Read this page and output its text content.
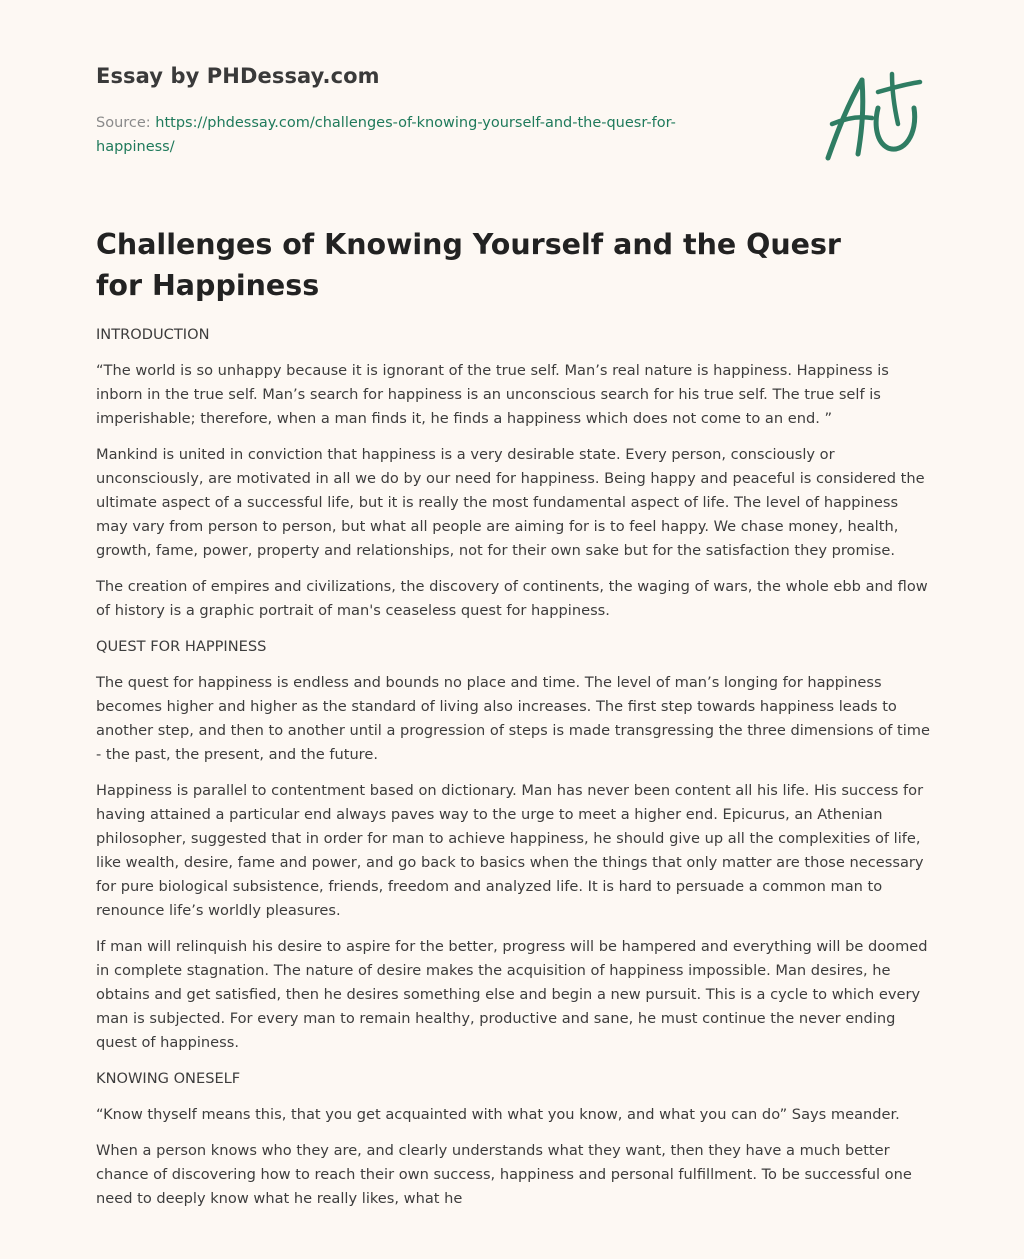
Essay by PHDessay.com
Source: https://phdessay.com/challenges-of-knowing-yourself-and-the-quesr-for-happiness/
Challenges of Knowing Yourself and the Quesr for Happiness
INTRODUCTION

“The world is so unhappy because it is ignorant of the true self. Man’s real nature is happiness. Happiness is inborn in the true self. Man’s search for happiness is an unconscious search for his true self. The true self is imperishable; therefore, when a man finds it, he finds a happiness which does not come to an end. ”

Mankind is united in conviction that happiness is a very desirable state. Every person, consciously or unconsciously, are motivated in all we do by our need for happiness. Being happy and peaceful is considered the ultimate aspect of a successful life, but it is really the most fundamental aspect of life. The level of happiness may vary from person to person, but what all people are aiming for is to feel happy. We chase money, health, growth, fame, power, property and relationships, not for their own sake but for the satisfaction they promise.

The creation of empires and civilizations, the discovery of continents, the waging of wars, the whole ebb and flow of history is a graphic portrait of man's ceaseless quest for happiness.

QUEST FOR HAPPINESS

The quest for happiness is endless and bounds no place and time. The level of man’s longing for happiness becomes higher and higher as the standard of living also increases. The first step towards happiness leads to another step, and then to another until a progression of steps is made transgressing the three dimensions of time - the past, the present, and the future.

Happiness is parallel to contentment based on dictionary. Man has never been content all his life. His success for having attained a particular end always paves way to the urge to meet a higher end. Epicurus, an Athenian philosopher, suggested that in order for man to achieve happiness, he should give up all the complexities of life, like wealth, desire, fame and power, and go back to basics when the things that only matter are those necessary for pure biological subsistence, friends, freedom and analyzed life. It is hard to persuade a common man to renounce life’s worldly pleasures.

If man will relinquish his desire to aspire for the better, progress will be hampered and everything will be doomed in complete stagnation. The nature of desire makes the acquisition of happiness impossible. Man desires, he obtains and get satisfied, then he desires something else and begin a new pursuit. This is a cycle to which every man is subjected. For every man to remain healthy, productive and sane, he must continue the never ending quest of happiness.

KNOWING ONESELF

“Know thyself means this, that you get acquainted with what you know, and what you can do” Says meander.

When a person knows who they are, and clearly understands what they want, then they have a much better chance of discovering how to reach their own success, happiness and personal fulfillment. To be successful one need to deeply know what he really likes, what he
